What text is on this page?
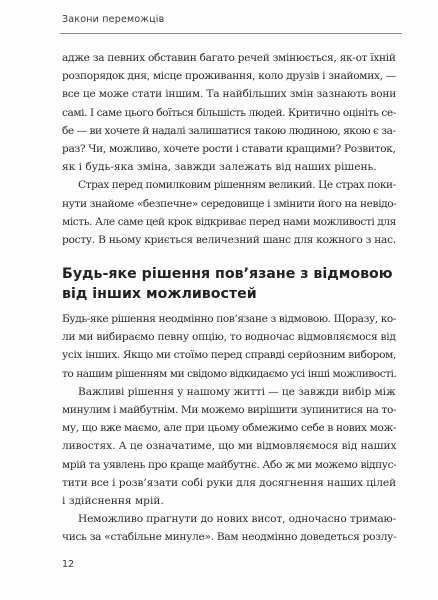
Закони переможців

адже за певних обставин багато речей змінюється, як-от їхній
розпорядок дня, місце проживання, коло друзів і знайомих, —
все це може стати іншим. Та найбільших змін зазнають вони
самі. І саме цього боїться більшість людей. Критично оцініть се-
бе — ви хочете й надалі залишатися такою людиною, якою є за-
раз? Чи, можливо, хочете рости і ставати кращими? Розвиток,
як і будь-яка зміна, завжди залежать від наших рішень.

Страх перед помилковим рішенням великий. Це страх поки-
нути знайоме «безпечне» середовище і змінити його на невідо-
мість. Але саме цей крок відкриває перед нами можливості для
росту. В ньому криється величезний шанс для кожного з нас.

Будь-яке рішення пов’язане з відмовою
від інших можливостей

Будь-яке рішення неодмінно пов’язане з відмовою. Щоразу, ко-
ли ми вибираємо певну опцію, то водночас відмовляємося від
усіх інших. Якщо ми стоїмо перед справді серйозним вибором,
то нашим рішенням ми свідомо відкидаємо усі інші можливості.

Важливі рішення у нашому житті — це завжди вибір між
минулим і майбутнім. Ми можемо вирішити зупинитися на то-
му, що вже маємо, але при цьому обмежимо себе в нових мож-
ливостях. А це означатиме, що ми відмовляємося від наших
мрій та уявлень про краще майбутнє. Або ж ми можемо відпус-
тити все і розв’язати собі руки для досягнення наших цілей
і здійснення мрій.

Неможливо прагнути до нових висот, одночасно тримаю-
чись за «стабільне минуле». Вам неодмінно доведеться розлу-

12
